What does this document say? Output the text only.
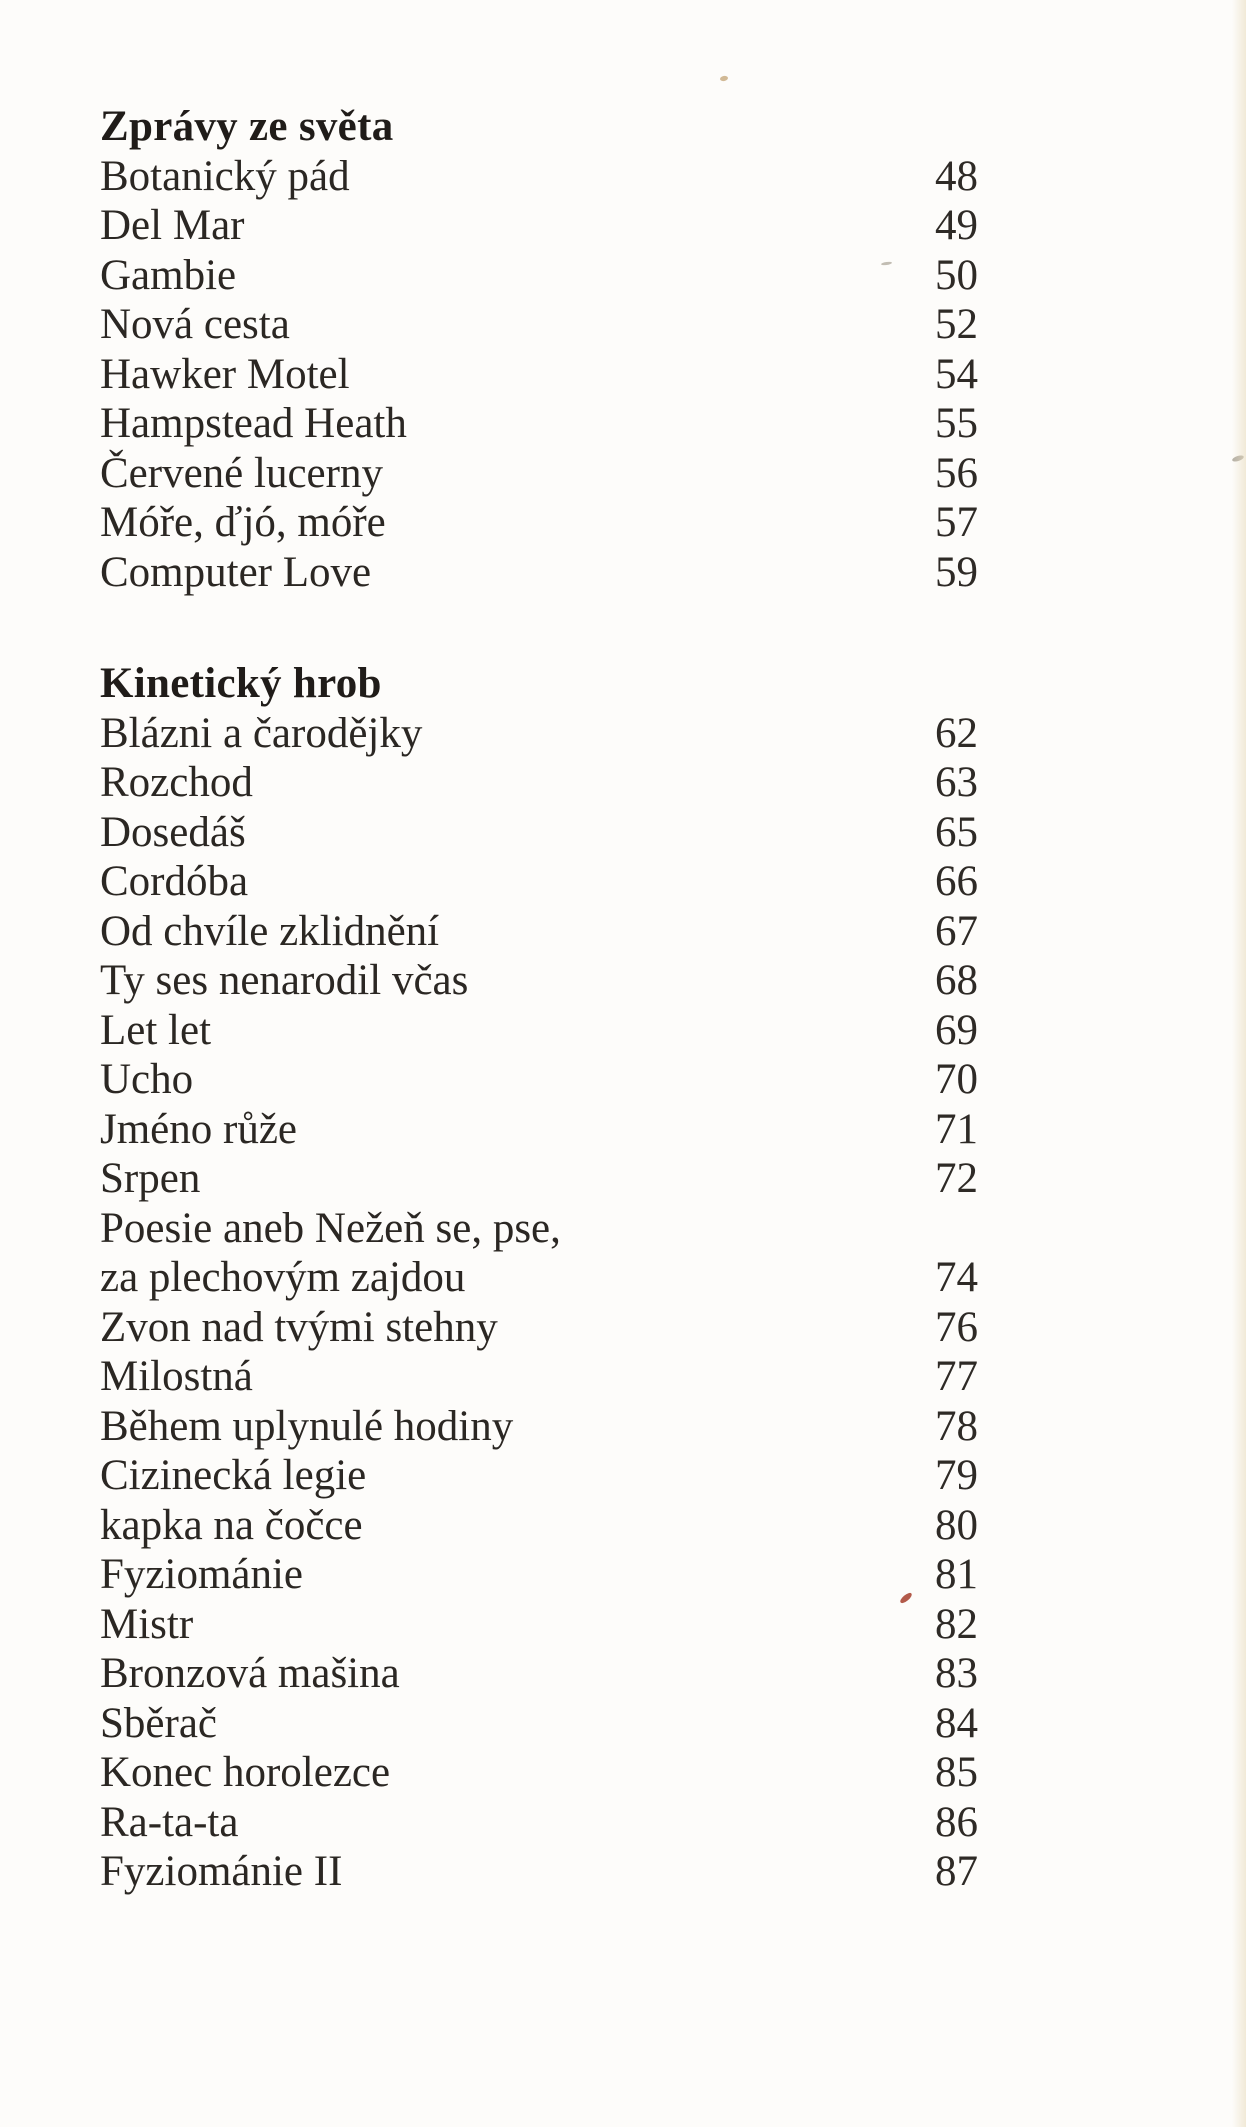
Zprávy ze světa
Botanický pád	48
Del Mar	49
Gambie	50
Nová cesta	52
Hawker Motel	54
Hampstead Heath	55
Červené lucerny	56
Móře, ďjó, móře	57
Computer Love	59
Kinetický hrob
Blázni a čarodějky	62
Rozchod	63
Dosedáš	65
Cordóba	66
Od chvíle zklidnění	67
Ty ses nenarodil včas	68
Let let	69
Ucho	70
Jméno růže	71
Srpen	72
Poesie aneb Nežeň se, pse,
za plechovým zajdou	74
Zvon nad tvými stehny	76
Milostná	77
Během uplynulé hodiny	78
Cizinecká legie	79
kapka na čočce	80
Fyziománie	81
Mistr	82
Bronzová mašina	83
Sběrač	84
Konec horolezce	85
Ra-ta-ta	86
Fyziománie II	87
